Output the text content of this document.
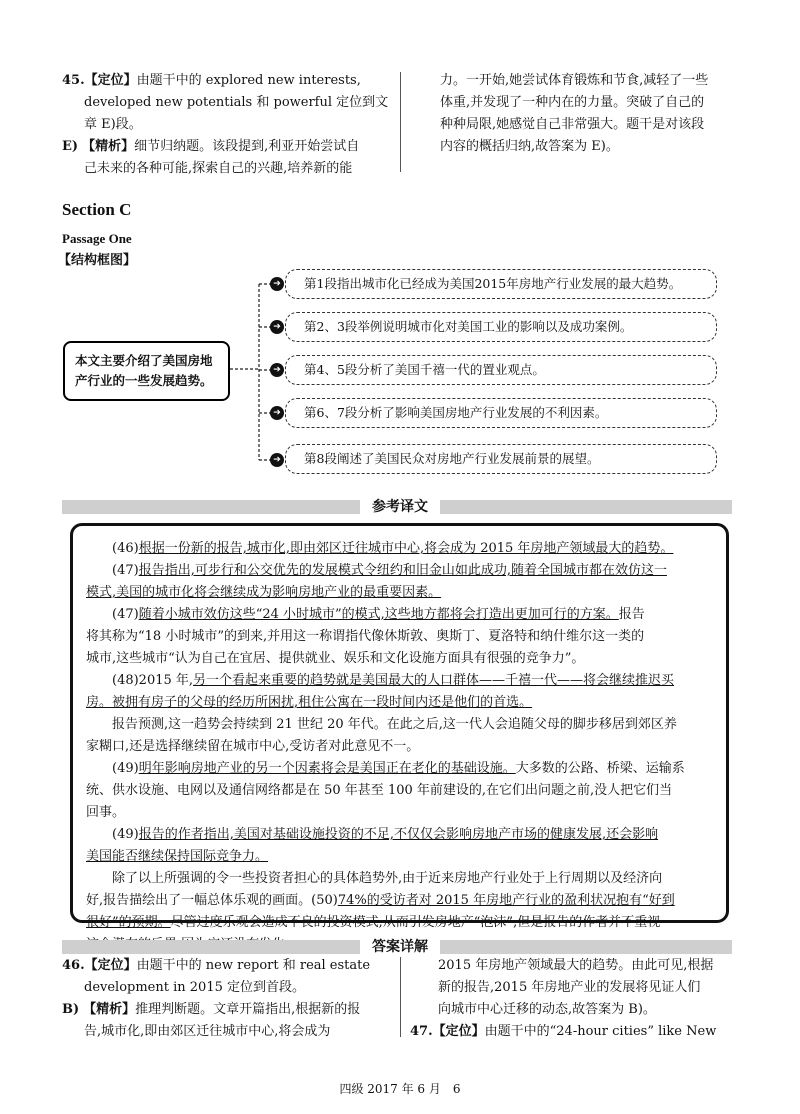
45.【定位】由题干中的 explored new interests,
developed new potentials 和 powerful 定位到文
章 E)段。
E) 【精析】细节归纳题。该段提到,利亚开始尝试自
己未来的各种可能,探索自己的兴趣,培养新的能
力。一开始,她尝试体育锻炼和节食,减轻了一些
体重,并发现了一种内在的力量。突破了自己的
种种局限,她感觉自己非常强大。题干是对该段
内容的概括归纳,故答案为 E)。
Section C
Passage One
【结构框图】
本文主要介绍了美国房地产行业的一些发展趋势。
➔
➔
➔
➔
➔
第1段指出城市化已经成为美国2015年房地产行业发展的最大趋势。
第2、3段举例说明城市化对美国工业的影响以及成功案例。
第4、5段分析了美国千禧一代的置业观点。
第6、7段分析了影响美国房地产行业发展的不利因素。
第8段阐述了美国民众对房地产行业发展前景的展望。
参考译文
(46)根据一份新的报告,城市化,即由郊区迁往城市中心,将会成为 2015 年房地产领域最大的趋势。
(47)报告指出,可步行和公交优先的发展模式令纽约和旧金山如此成功,随着全国城市都在效仿这一
模式,美国的城市化将会继续成为影响房地产业的最重要因素。
(47)随着小城市效仿这些“24 小时城市”的模式,这些地方都将会打造出更加可行的方案。报告
将其称为“18 小时城市”的到来,并用这一称谓指代像休斯敦、奥斯丁、夏洛特和纳什维尔这一类的
城市,这些城市“认为自己在宜居、提供就业、娱乐和文化设施方面具有很强的竞争力”。
(48)2015 年,另一个看起来重要的趋势就是美国最大的人口群体——千禧一代——将会继续推迟买
房。被拥有房子的父母的经历所困扰,租住公寓在一段时间内还是他们的首选。
报告预测,这一趋势会持续到 21 世纪 20 年代。在此之后,这一代人会追随父母的脚步移居到郊区养
家糊口,还是选择继续留在城市中心,受访者对此意见不一。
(49)明年影响房地产业的另一个因素将会是美国正在老化的基础设施。大多数的公路、桥梁、运输系
统、供水设施、电网以及通信网络都是在 50 年甚至 100 年前建设的,在它们出问题之前,没人把它们当
回事。
(49)报告的作者指出,美国对基础设施投资的不足,不仅仅会影响房地产市场的健康发展,还会影响
美国能否继续保持国际竞争力。
除了以上所强调的令一些投资者担心的具体趋势外,由于近来房地产行业处于上行周期以及经济向
好,报告描绘出了一幅总体乐观的画面。(50)74%的受访者对 2015 年房地产行业的盈利状况抱有“好到
很好”的预期。尽管过度乐观会造成不良的投资模式,从而引发房地产“泡沫”,但是报告的作者并不重视
答案详解
46.【定位】由题干中的 new report 和 real estate
development in 2015 定位到首段。
B) 【精析】推理判断题。文章开篇指出,根据新的报
告,城市化,即由郊区迁往城市中心,将会成为
2015 年房地产领域最大的趋势。由此可见,根据
新的报告,2015 年房地产业的发展将见证人们
向城市中心迁移的动态,故答案为 B)。
47.【定位】由题干中的“24-hour cities” like New
四级 2017 年 6 月　6
